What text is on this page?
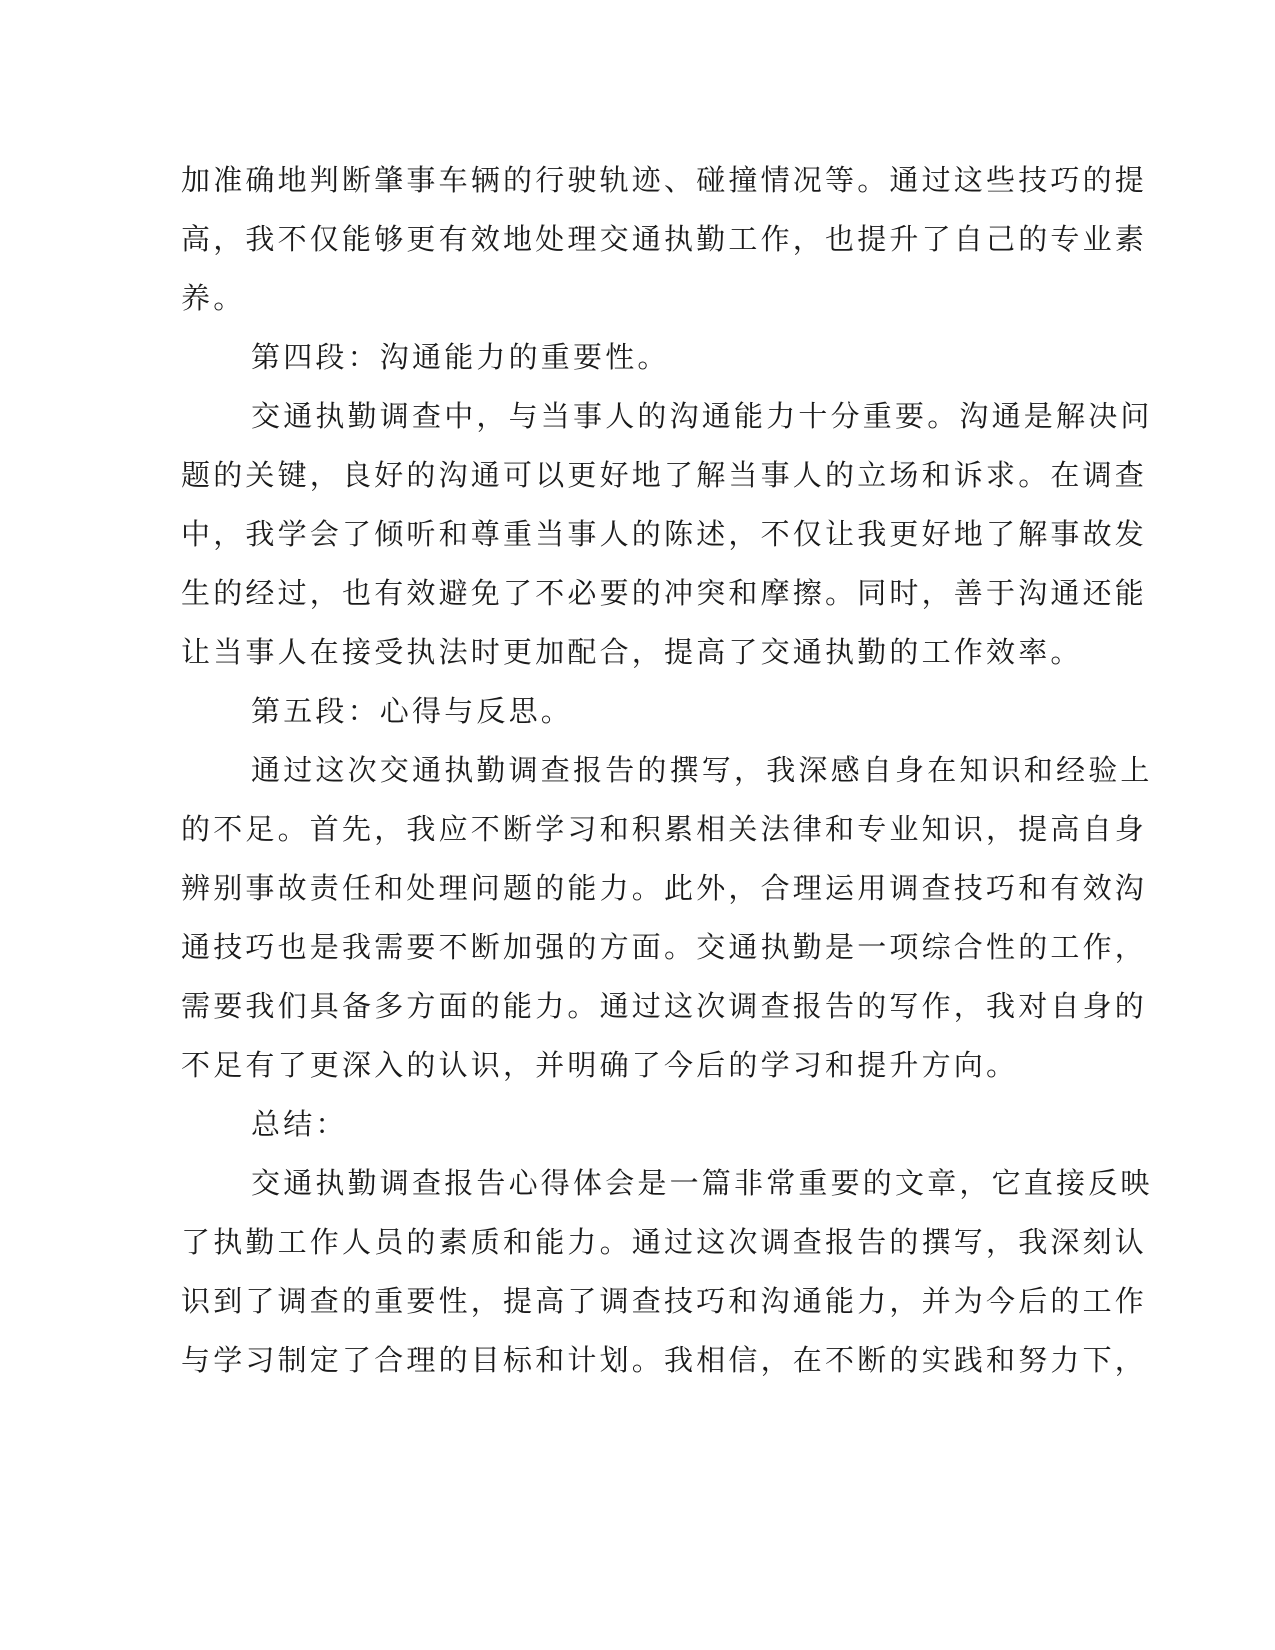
加准确地判断肇事车辆的行驶轨迹、碰撞情况等。通过这些技巧的提
高，我不仅能够更有效地处理交通执勤工作，也提升了自己的专业素
养。
第四段：沟通能力的重要性。
交通执勤调查中，与当事人的沟通能力十分重要。沟通是解决问
题的关键，良好的沟通可以更好地了解当事人的立场和诉求。在调查
中，我学会了倾听和尊重当事人的陈述，不仅让我更好地了解事故发
生的经过，也有效避免了不必要的冲突和摩擦。同时，善于沟通还能
让当事人在接受执法时更加配合，提高了交通执勤的工作效率。
第五段：心得与反思。
通过这次交通执勤调查报告的撰写，我深感自身在知识和经验上
的不足。首先，我应不断学习和积累相关法律和专业知识，提高自身
辨别事故责任和处理问题的能力。此外，合理运用调查技巧和有效沟
通技巧也是我需要不断加强的方面。交通执勤是一项综合性的工作，
需要我们具备多方面的能力。通过这次调查报告的写作，我对自身的
不足有了更深入的认识，并明确了今后的学习和提升方向。
总结：
交通执勤调查报告心得体会是一篇非常重要的文章，它直接反映
了执勤工作人员的素质和能力。通过这次调查报告的撰写，我深刻认
识到了调查的重要性，提高了调查技巧和沟通能力，并为今后的工作
与学习制定了合理的目标和计划。我相信，在不断的实践和努力下，
